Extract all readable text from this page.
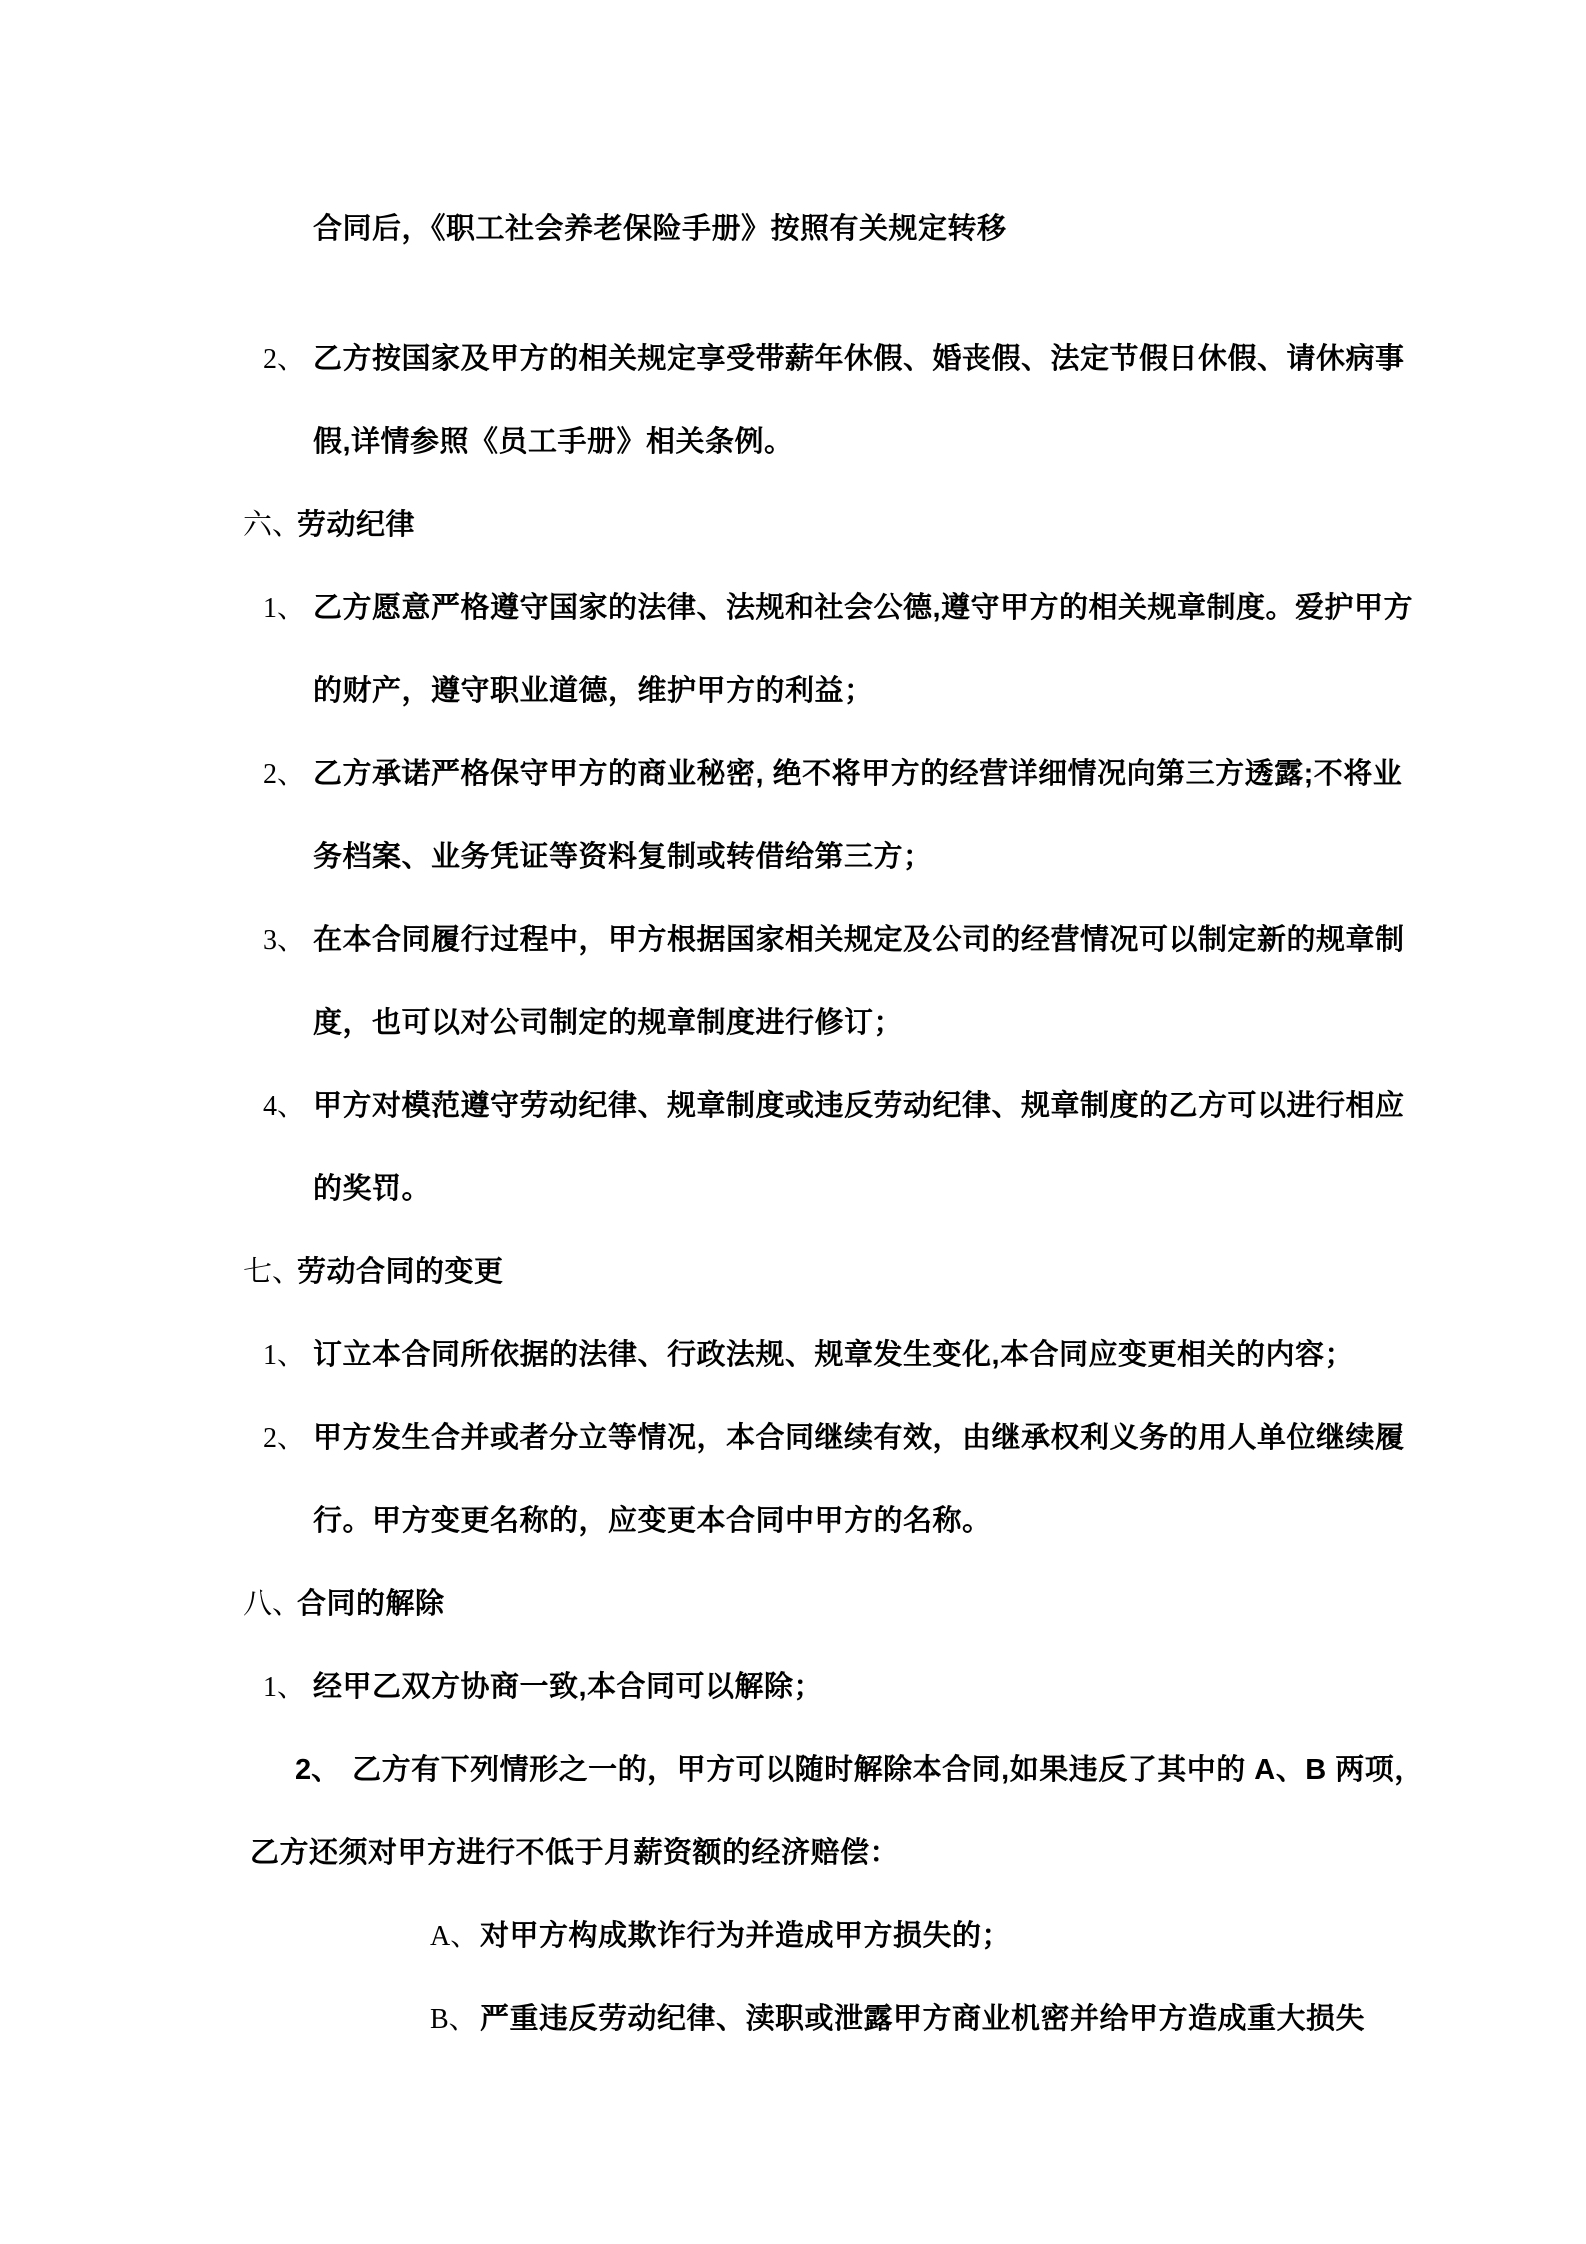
合同后，《职工社会养老保险手册》按照有关规定转移
2、 乙方按国家及甲方的相关规定享受带薪年休假、婚丧假、法定节假日休假、请休病事
假,详情参照《员工手册》相关条例。
六、
劳动纪律
1、 乙方愿意严格遵守国家的法律、法规和社会公德,遵守甲方的相关规章制度。爱护甲方
的财产，遵守职业道德，维护甲方的利益；
2、 乙方承诺严格保守甲方的商业秘密, 绝不将甲方的经营详细情况向第三方透露;不将业
务档案、业务凭证等资料复制或转借给第三方；
3、 在本合同履行过程中，甲方根据国家相关规定及公司的经营情况可以制定新的规章制
度，也可以对公司制定的规章制度进行修订；
4、 甲方对模范遵守劳动纪律、规章制度或违反劳动纪律、规章制度的乙方可以进行相应
的奖罚。
七、
劳动合同的变更
1、 订立本合同所依据的法律、行政法规、规章发生变化,本合同应变更相关的内容；
2、 甲方发生合并或者分立等情况，本合同继续有效，由继承权利义务的用人单位继续履
行。甲方变更名称的，应变更本合同中甲方的名称。
八、
合同的解除
1、 经甲乙双方协商一致,本合同可以解除；
2、 乙方有下列情形之一的，甲方可以随时解除本合同,如果违反了其中的 A、B 两项，
乙方还须对甲方进行不低于月薪资额的经济赔偿：
A、 对甲方构成欺诈行为并造成甲方损失的；
B、 严重违反劳动纪律、渎职或泄露甲方商业机密并给甲方造成重大损失
